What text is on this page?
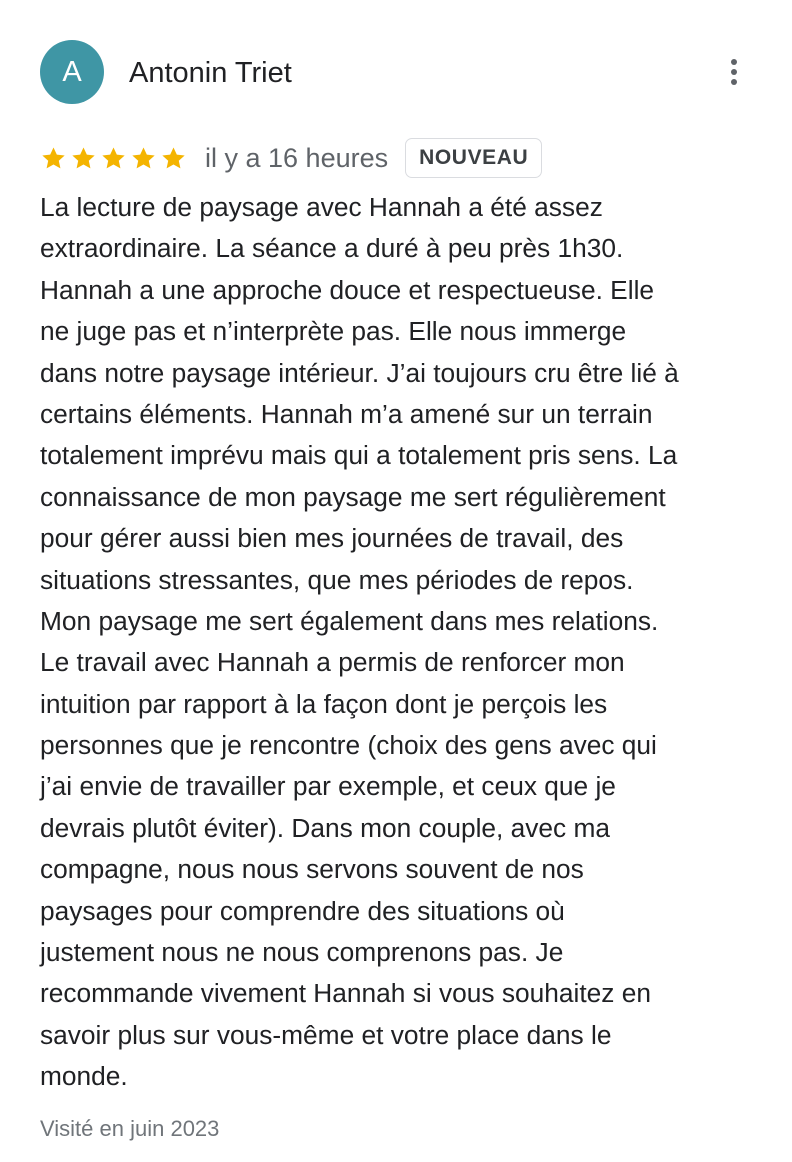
A Antonin Triet
il y a 16 heures	NOUVEAU
La lecture de paysage avec Hannah a été assez
extraordinaire. La séance a duré à peu près 1h30.
Hannah a une approche douce et respectueuse. Elle
ne juge pas et n’interprète pas. Elle nous immerge
dans notre paysage intérieur. J’ai toujours cru être lié à
certains éléments. Hannah m’a amené sur un terrain
totalement imprévu mais qui a totalement pris sens. La
connaissance de mon paysage me sert régulièrement
pour gérer aussi bien mes journées de travail, des
situations stressantes, que mes périodes de repos.
Mon paysage me sert également dans mes relations.
Le travail avec Hannah a permis de renforcer mon
intuition par rapport à la façon dont je perçois les
personnes que je rencontre (choix des gens avec qui
j’ai envie de travailler par exemple, et ceux que je
devrais plutôt éviter). Dans mon couple, avec ma
compagne, nous nous servons souvent de nos
paysages pour comprendre des situations où
justement nous ne nous comprenons pas. Je
recommande vivement Hannah si vous souhaitez en
savoir plus sur vous-même et votre place dans le
monde.
Visité en juin 2023
